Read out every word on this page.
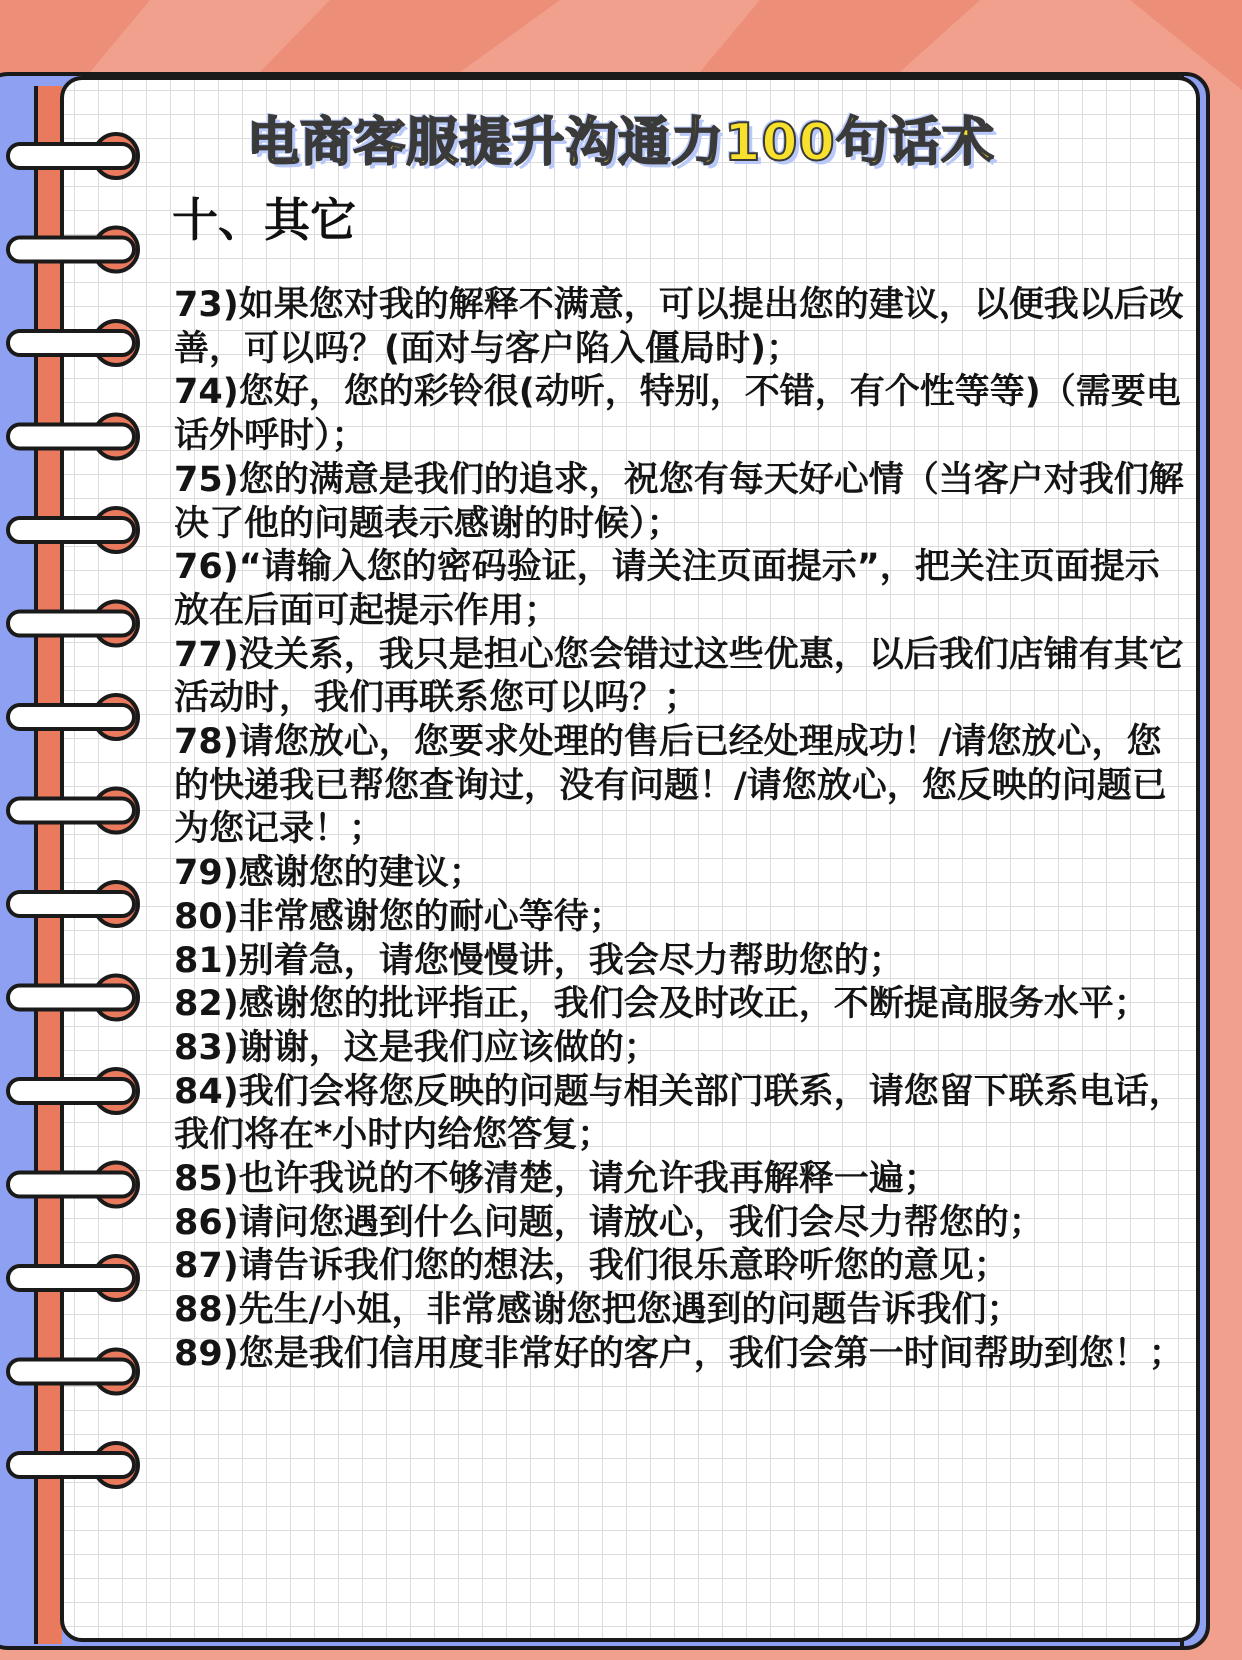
电商客服提升沟通力100句话术
十、其它

73)如果您对我的解释不满意，可以提出您的建议，以便我以后改善，可以吗？(面对与客户陷入僵局时)；

74)您好，您的彩铃很(动听，特别，不错，有个性等等)（需要电话外呼时）；

75)您的满意是我们的追求，祝您有每天好心情（当客户对我们解决了他的问题表示感谢的时候）；

76)“请输入您的密码验证，请关注页面提示”，把关注页面提示放在后面可起提示作用；

77)没关系，我只是担心您会错过这些优惠，以后我们店铺有其它活动时，我们再联系您可以吗？；

78)请您放心，您要求处理的售后已经处理成功！/请您放心，您的快递我已帮您查询过，没有问题！/请您放心，您反映的问题已为您记录！；

79)感谢您的建议；

80)非常感谢您的耐心等待；

81)别着急，请您慢慢讲，我会尽力帮助您的；

82)感谢您的批评指正，我们会及时改正，不断提高服务水平；

83)谢谢，这是我们应该做的；

84)我们会将您反映的问题与相关部门联系，请您留下联系电话，我们将在*小时内给您答复；

85)也许我说的不够清楚，请允许我再解释一遍；

86)请问您遇到什么问题，请放心，我们会尽力帮您的；

87)请告诉我们您的想法，我们很乐意聆听您的意见；

88)先生/小姐，非常感谢您把您遇到的问题告诉我们；

89)您是我们信用度非常好的客户，我们会第一时间帮助到您！；
